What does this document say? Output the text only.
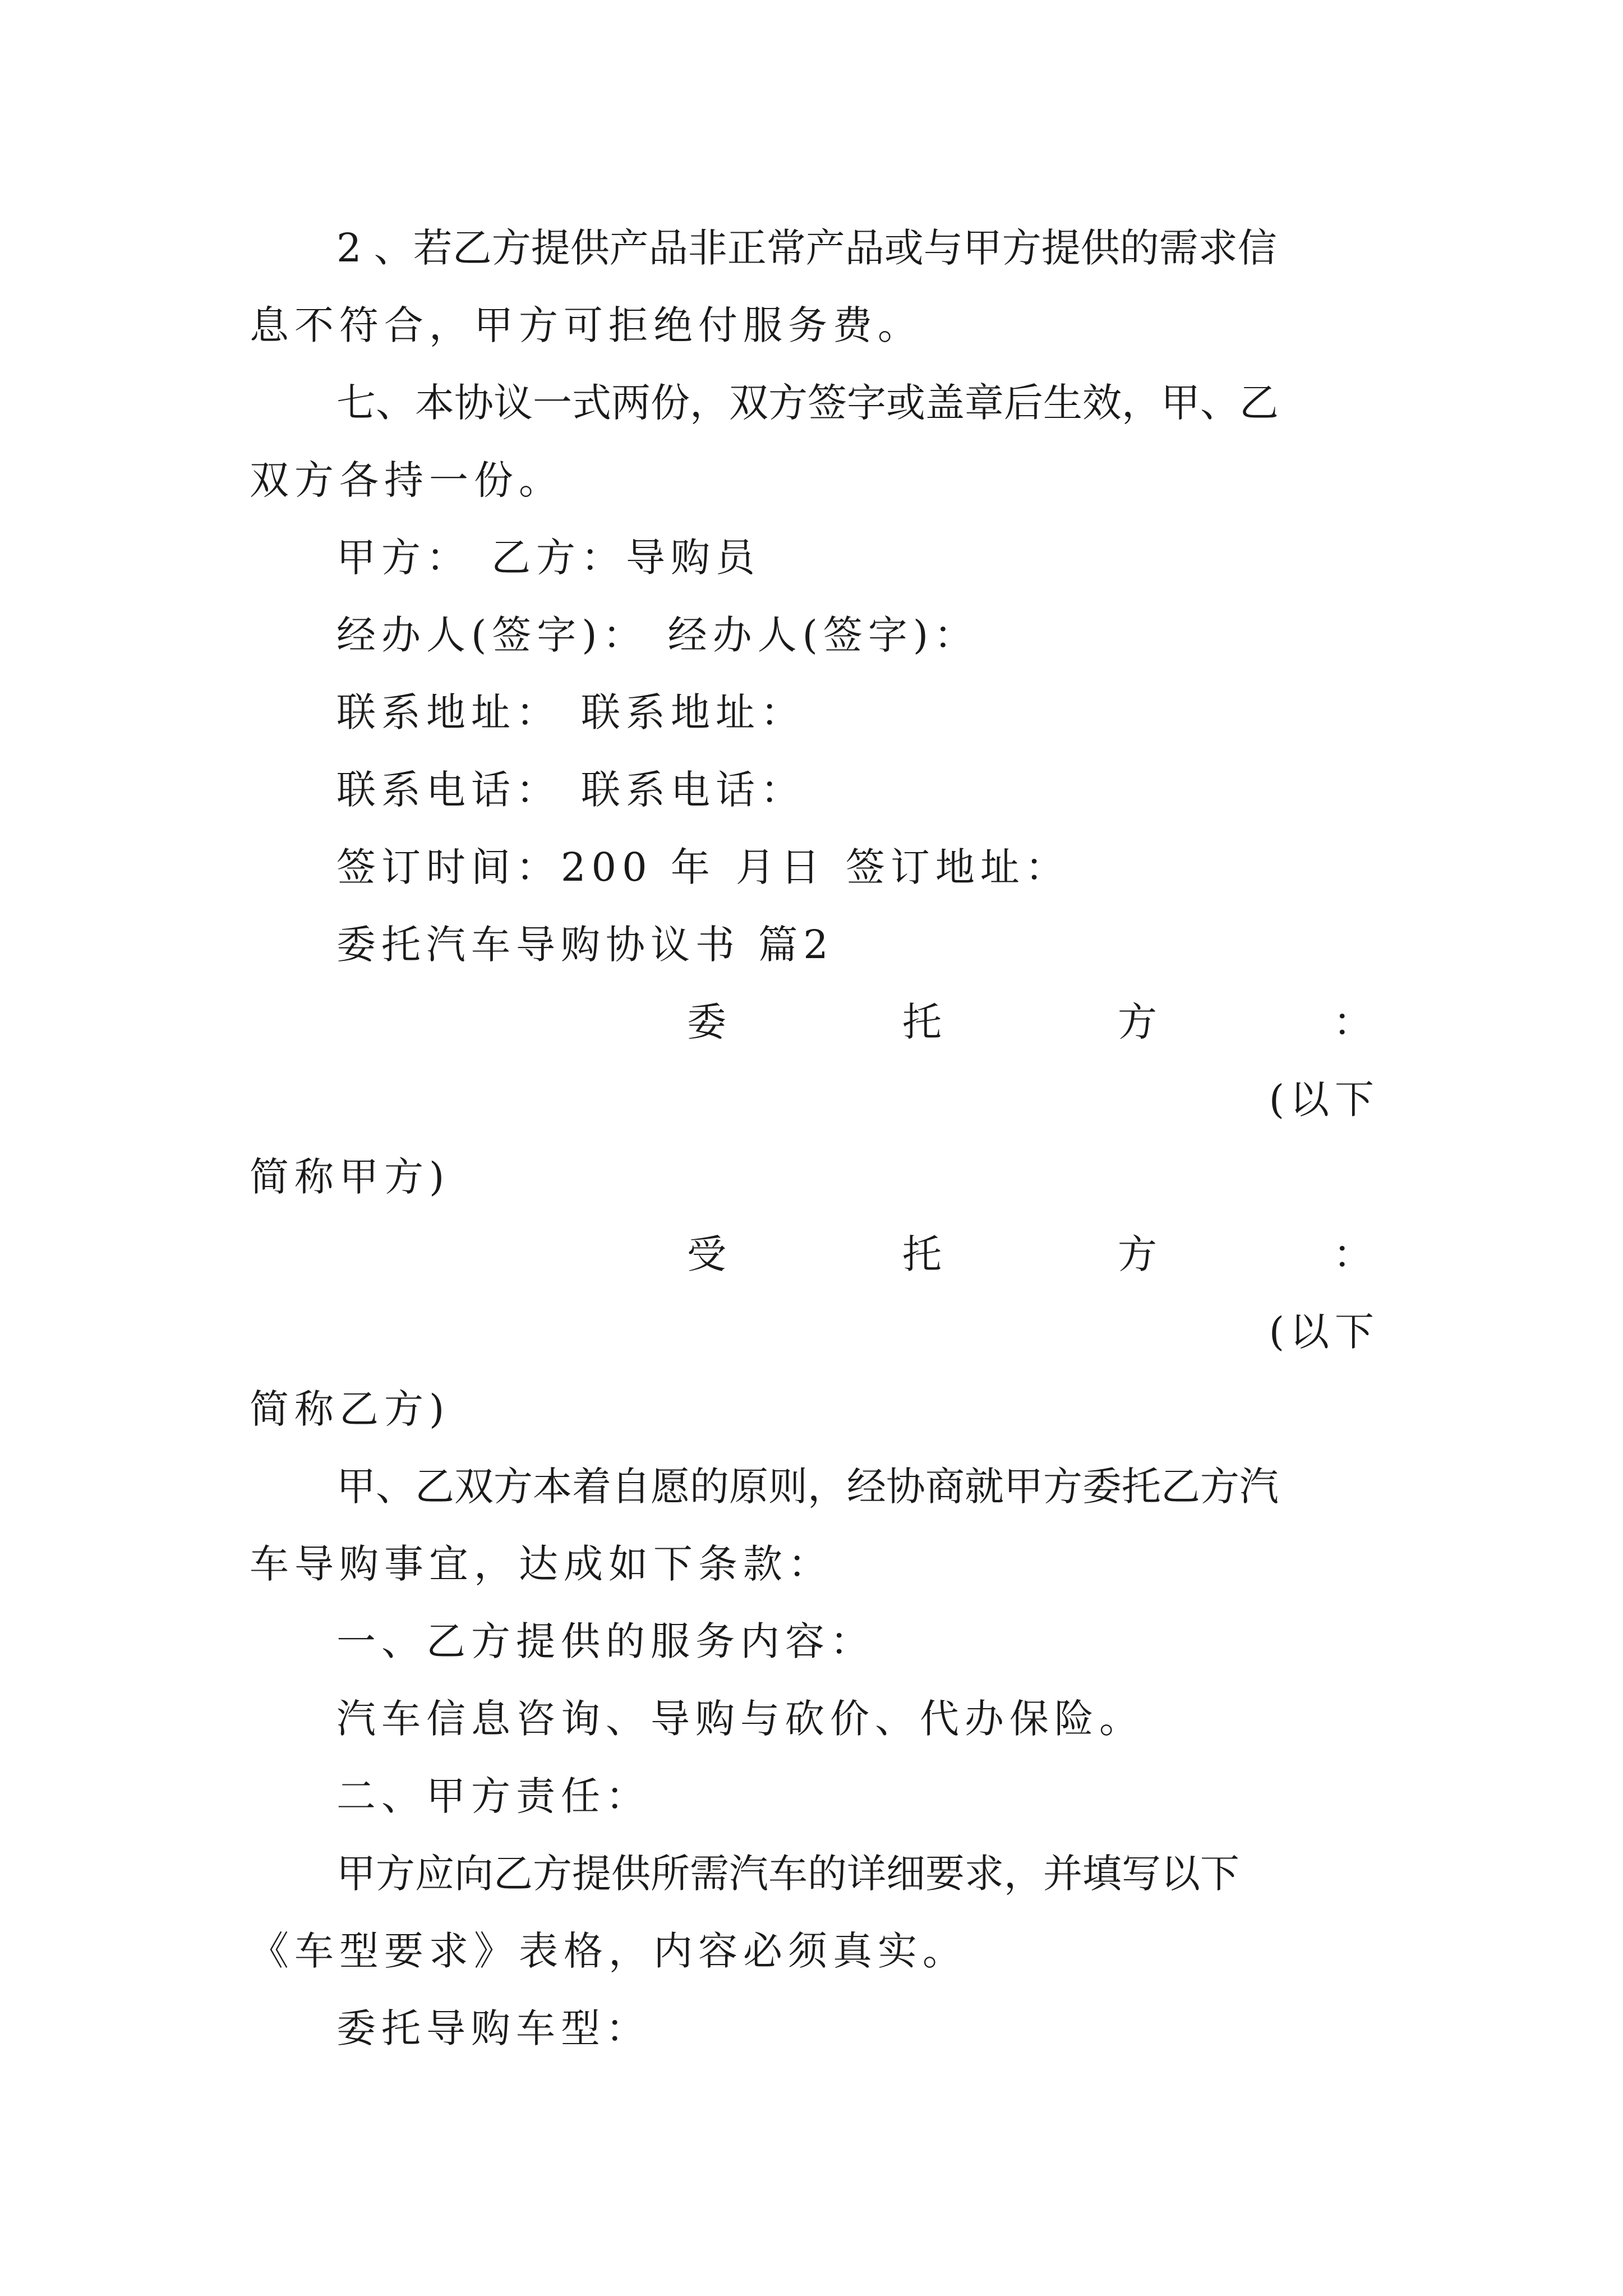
2 、若乙方提供产品非正常产品或与甲方提供的需求信
息不符合，甲方可拒绝付服务费。
七、本协议一式两份，双方签字或盖章后生效，甲、乙
双方各持一份。
甲方： 乙方：导购员
经办人(签字)： 经办人(签字)：
联系地址： 联系地址：
联系电话： 联系电话：
签订时间：200 年 月日 签订地址：
委托汽车导购协议书 篇2
委	托	方	：
(以下
简称甲方)
受	托	方	：
(以下
简称乙方)
甲、乙双方本着自愿的原则，经协商就甲方委托乙方汽
车导购事宜，达成如下条款：
一、乙方提供的服务内容：
汽车信息咨询、导购与砍价、代办保险。
二、甲方责任：
甲方应向乙方提供所需汽车的详细要求，并填写以下
《车型要求》表格，内容必须真实。
委托导购车型：
